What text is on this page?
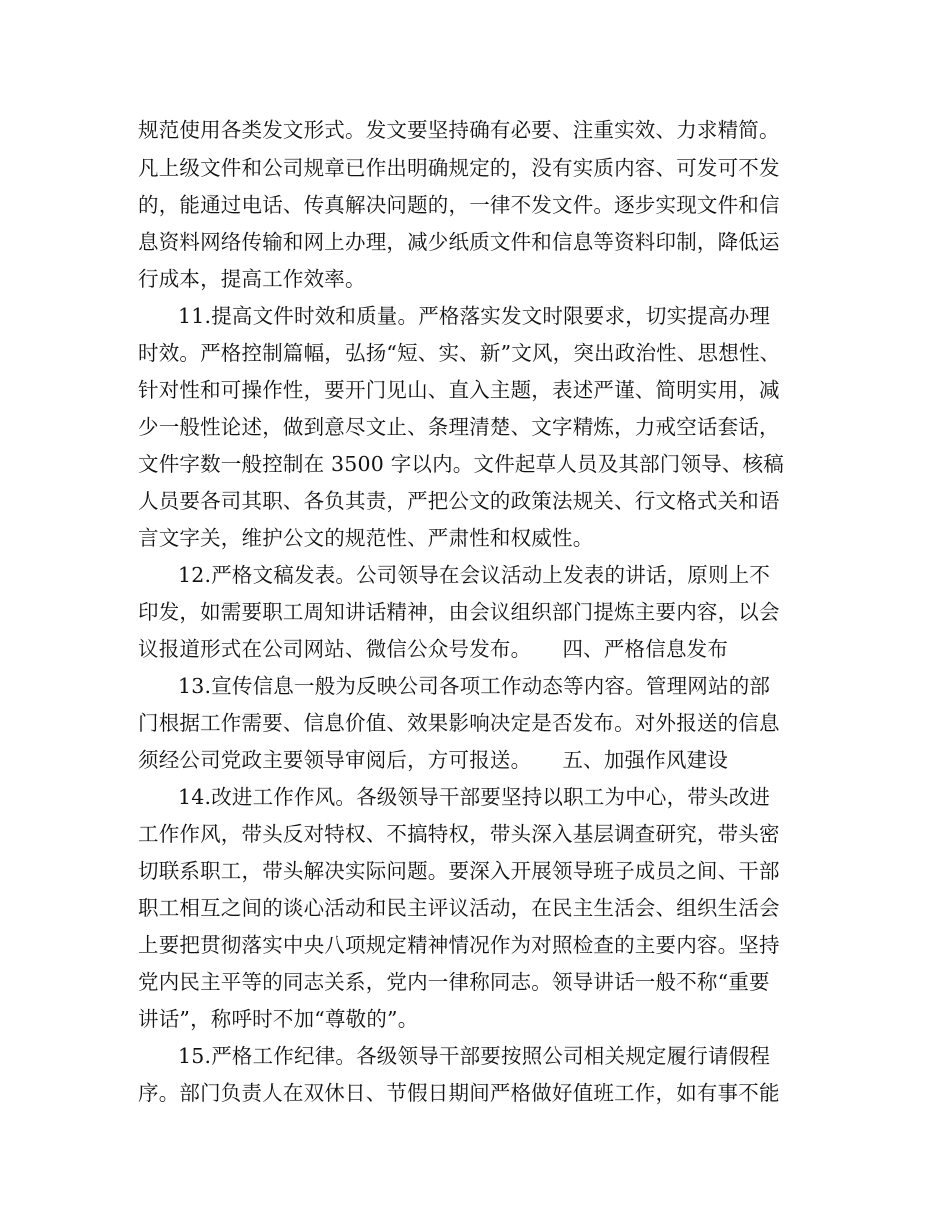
规范使用各类发文形式。发文要坚持确有必要、注重实效、力求精简。
凡上级文件和公司规章已作出明确规定的，没有实质内容、可发可不发
的，能通过电话、传真解决问题的，一律不发文件。逐步实现文件和信
息资料网络传输和网上办理，减少纸质文件和信息等资料印制，降低运
行成本，提高工作效率。
11.提高文件时效和质量。严格落实发文时限要求，切实提高办理
时效。严格控制篇幅，弘扬“短、实、新”文风，突出政治性、思想性、
针对性和可操作性，要开门见山、直入主题，表述严谨、简明实用，减
少一般性论述，做到意尽文止、条理清楚、文字精炼，力戒空话套话，
文件字数一般控制在 3500 字以内。文件起草人员及其部门领导、核稿
人员要各司其职、各负其责，严把公文的政策法规关、行文格式关和语
言文字关，维护公文的规范性、严肃性和权威性。
12.严格文稿发表。公司领导在会议活动上发表的讲话，原则上不
印发，如需要职工周知讲话精神，由会议组织部门提炼主要内容，以会
议报道形式在公司网站、微信公众号发布。　　四、严格信息发布
13.宣传信息一般为反映公司各项工作动态等内容。管理网站的部
门根据工作需要、信息价值、效果影响决定是否发布。对外报送的信息
须经公司党政主要领导审阅后，方可报送。　　五、加强作风建设
14.改进工作作风。各级领导干部要坚持以职工为中心，带头改进
工作作风，带头反对特权、不搞特权，带头深入基层调查研究，带头密
切联系职工，带头解决实际问题。要深入开展领导班子成员之间、干部
职工相互之间的谈心活动和民主评议活动，在民主生活会、组织生活会
上要把贯彻落实中央八项规定精神情况作为对照检查的主要内容。坚持
党内民主平等的同志关系，党内一律称同志。领导讲话一般不称“重要
讲话”，称呼时不加“尊敬的”。
15.严格工作纪律。各级领导干部要按照公司相关规定履行请假程
序。部门负责人在双休日、节假日期间严格做好值班工作，如有事不能
